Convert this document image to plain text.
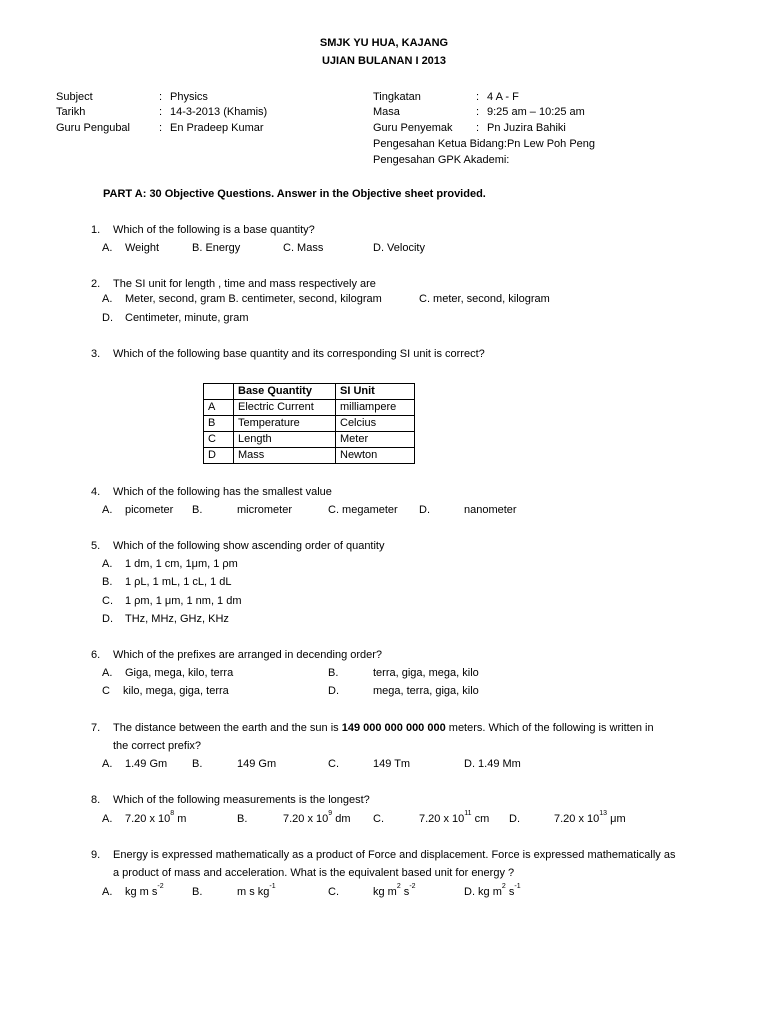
SMJK YU HUA, KAJANG
UJIAN BULANAN I 2013
Subject	: Physics
Tarikh	: 14-3-2013 (Khamis)
Guru Pengubal	: En Pradeep Kumar
Tingkatan	: 4 A - F
Masa	: 9:25 am – 10:25 am
Guru Penyemak : Pn Juzira Bahiki
Pengesahan Ketua Bidang:Pn Lew Poh Peng
Pengesahan GPK Akademi:
PART A: 30 Objective Questions. Answer in the Objective sheet provided.
1. Which of the following is a base quantity?
A. Weight	B. Energy	C. Mass	D. Velocity
2. The SI unit for length , time and mass respectively are
A. Meter, second, gram B. centimeter, second, kilogram	C. meter, second, kilogram
D. Centimeter, minute, gram
3. Which of the following base quantity and its corresponding SI unit is correct?
	Base Quantity	SI Unit
A	Electric Current	milliampere
B	Temperature	Celcius
C	Length	Meter
D	Mass	Newton
4. Which of the following has the smallest value
A. picometer B.	micrometer	C. megameter D.	nanometer
5. Which of the following show ascending order of quantity
A. 1 dm, 1 cm, 1μm, 1 ρm
B. 1 ρL, 1 mL, 1 cL, 1 dL
C. 1 ρm, 1 μm, 1 nm, 1 dm
D. THz, MHz, GHz, KHz
6. Which of the prefixes are arranged in decending order?
A. Giga, mega, kilo, terra	B.	terra, giga, mega, kilo
C kilo, mega, giga, terra	D.	mega, terra, giga, kilo
7. The distance between the earth and the sun is 149 000 000 000 000 meters. Which of the following is written in
the correct prefix?
A. 1.49 Gm B.	149 Gm	C.	149 Tm	D. 1.49 Mm
8. Which of the following measurements is the longest?
A. 7.20 x $10^8$ m	B.	7.20 x $10^9$ dm C.	7.20 x $10^{11}$ cm D.	7.20 x $10^{13}$ μm
9. Energy is expressed mathematically as a product of Force and displacement. Force is expressed mathematically as
a product of mass and acceleration. What is the equivalent based unit for energy ?
A. kg m $s^{-2}$	B.	m s $kg^{-1}$	C.	kg $m^2$ $s^{-2}$	D. kg $m^2$ $s^{-1}$
